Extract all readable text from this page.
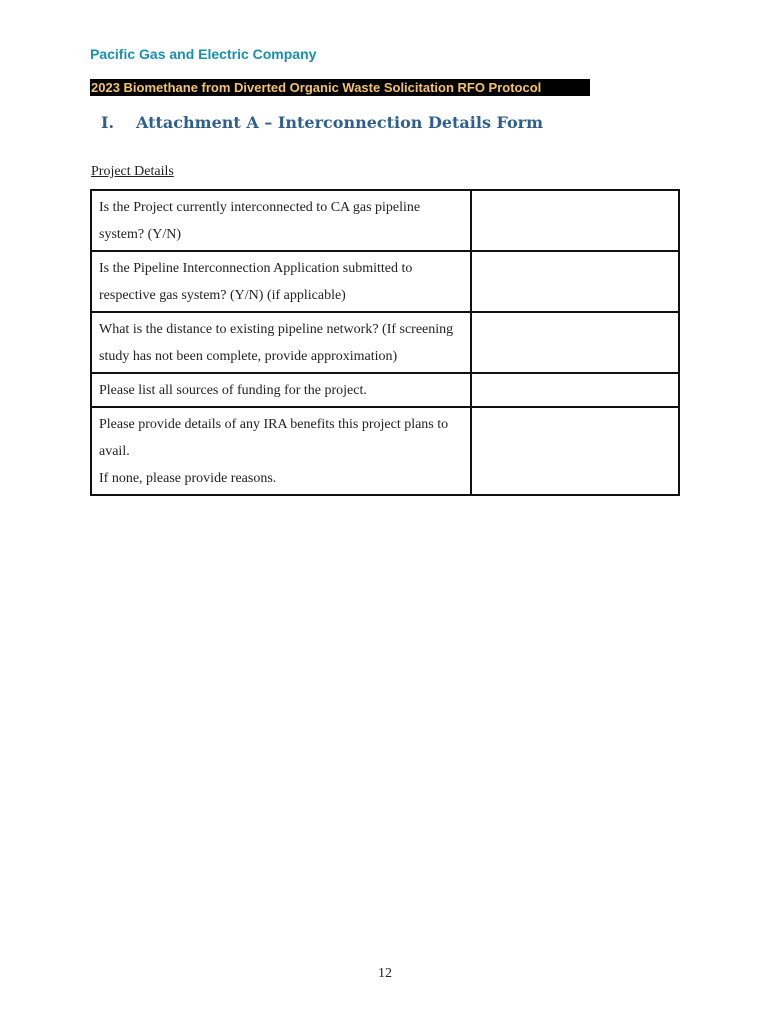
Pacific Gas and Electric Company
2023 Biomethane from Diverted Organic Waste Solicitation RFO Protocol
I. Attachment A – Interconnection Details Form
Project Details
Is the Project currently interconnected to CA gas pipeline system? (Y/N)	
Is the Pipeline Interconnection Application submitted to respective gas system? (Y/N) (if applicable)	
What is the distance to existing pipeline network? (If screening study has not been complete, provide approximation)	
Please list all sources of funding for the project.	
Please provide details of any IRA benefits this project plans to avail.
If none, please provide reasons.	
12
